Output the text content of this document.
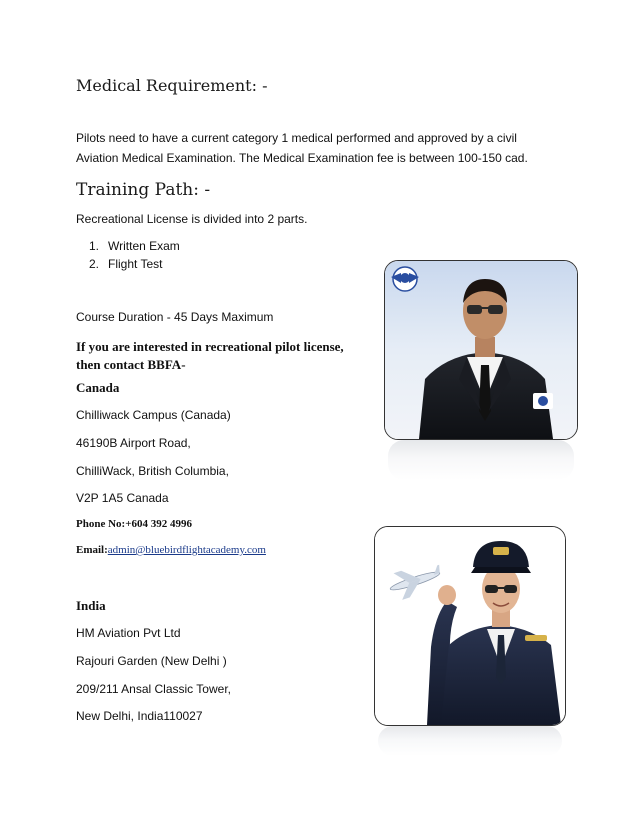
Medical Requirement: -
Pilots need to have a current category 1 medical performed and approved by a civil
Aviation Medical Examination. The Medical Examination fee is between 100-150 cad.
Training Path: -
Recreational License is divided into 2 parts.
1. Written Exam
2. Flight Test
Course Duration - 45 Days Maximum
If you are interested in recreational pilot license,
then contact BBFA-
Canada
Chilliwack Campus (Canada)
46190B Airport Road,
ChilliWack, British Columbia,
V2P 1A5 Canada
Phone No:+604 392 4996
Email:admin@bluebirdflightacademy.com
India
HM Aviation Pvt Ltd
Rajouri Garden (New Delhi )
209/211 Ansal Classic Tower,
New Delhi, India110027
